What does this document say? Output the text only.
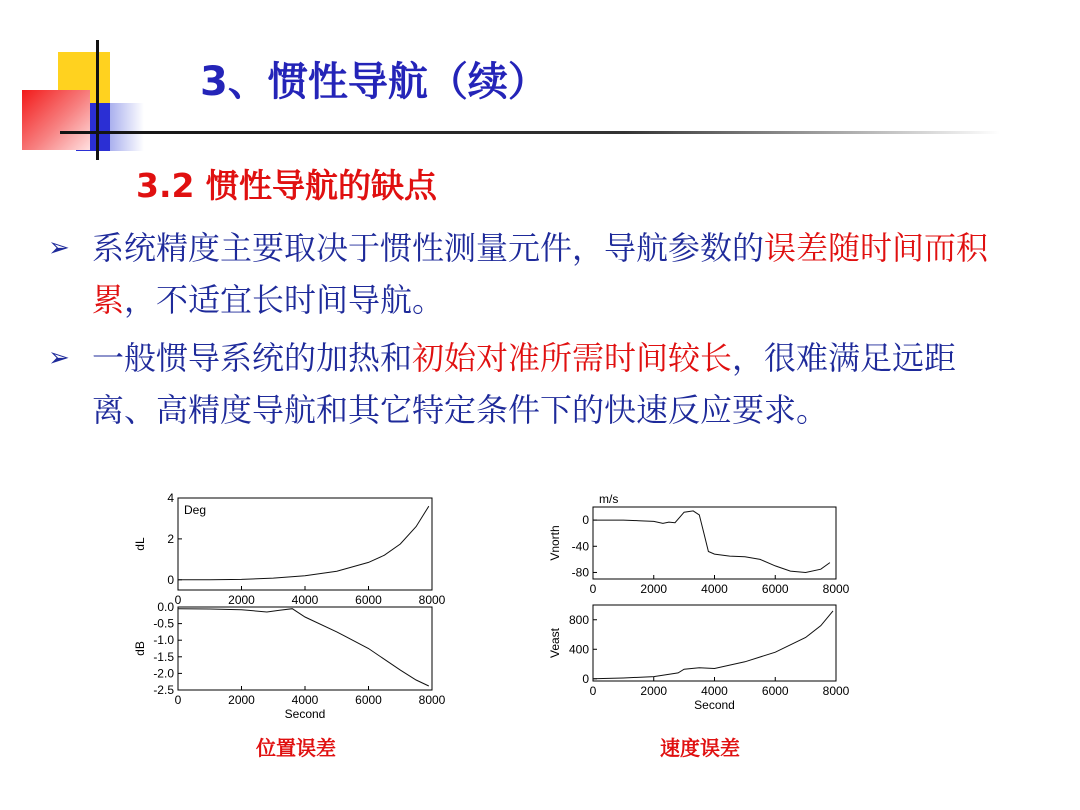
3、惯性导航（续）
3.2 惯性导航的缺点
➢ 系统精度主要取决于惯性测量元件，导航参数的误差随时间而积累，不适宜长时间导航。
➢ 一般惯导系统的加热和初始对准所需时间较长，很难满足远距离、高精度导航和其它特定条件下的快速反应要求。
0	2000	4000	6000	8000
0
2
4
dL
Deg
0	2000	4000	6000	8000
0.0
-0.5
-1.0
-1.5
-2.0
-2.5
dB
Second
0	2000	4000	6000	8000
0
-40
-80
Vnorth
m/s
0	2000	4000	6000	8000
0
400
800
Veast
Second

位置误差	速度误差
